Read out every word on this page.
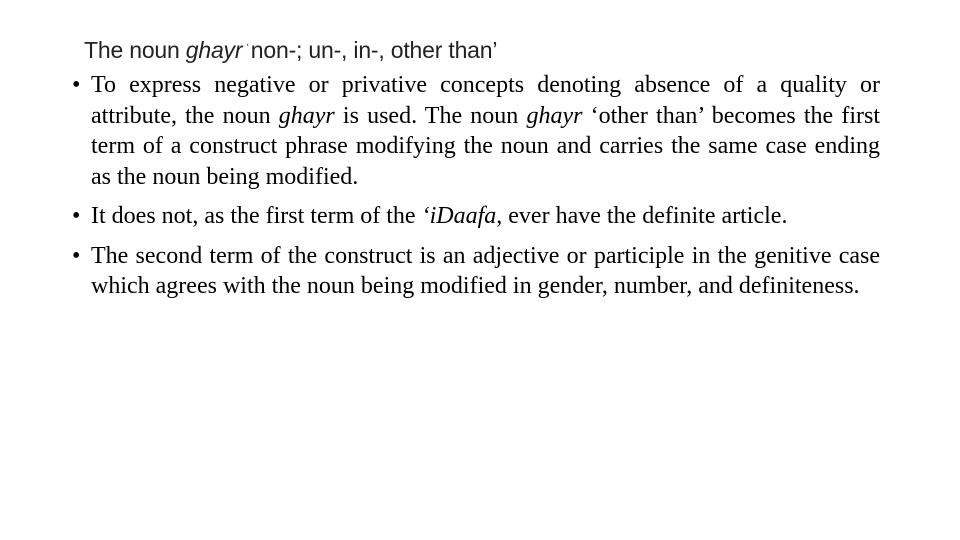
The noun ghayr ʿnon-; un-, in-, other than’
• To express negative or privative concepts denoting absence of a quality or attribute, the noun ghayr is used. The noun ghayr ‘other than’ becomes the first term of a construct phrase modifying the noun and carries the same case ending as the noun being modified.
• It does not, as the first term of the ‘iDaafa, ever have the definite article.
• The second term of the construct is an adjective or participle in the genitive case which agrees with the noun being modified in gender, number, and definiteness.
